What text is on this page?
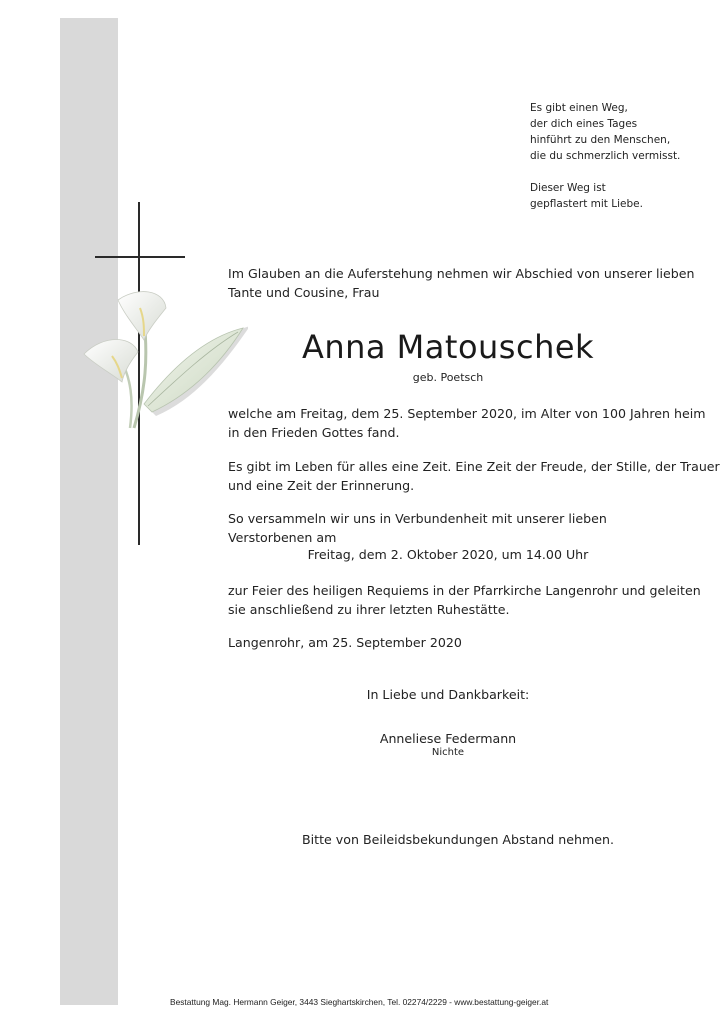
Es gibt einen Weg,
der dich eines Tages
hinführt zu den Menschen,
die du schmerzlich vermisst.

Dieser Weg ist
gepflastert mit Liebe.

Im Glauben an die Auferstehung nehmen wir Abschied von unserer lieben
Tante und Cousine, Frau

Anna Matouschek

geb. Poetsch

welche am Freitag, dem 25. September 2020, im Alter von 100 Jahren heim
in den Frieden Gottes fand.

Es gibt im Leben für alles eine Zeit. Eine Zeit der Freude, der Stille, der Trauer
und eine Zeit der Erinnerung.

So versammeln wir uns in Verbundenheit mit unserer lieben Verstorbenen am

Freitag, dem 2. Oktober 2020, um 14.00 Uhr

zur Feier des heiligen Requiems in der Pfarrkirche Langenrohr und geleiten
sie anschließend zu ihrer letzten Ruhestätte.

Langenrohr, am 25. September 2020

In Liebe und Dankbarkeit:

Anneliese Federmann

Nichte

Bitte von Beileidsbekundungen Abstand nehmen.

Bestattung Mag. Hermann Geiger, 3443 Sieghartskirchen, Tel. 02274/2229 - www.bestattung-geiger.at
